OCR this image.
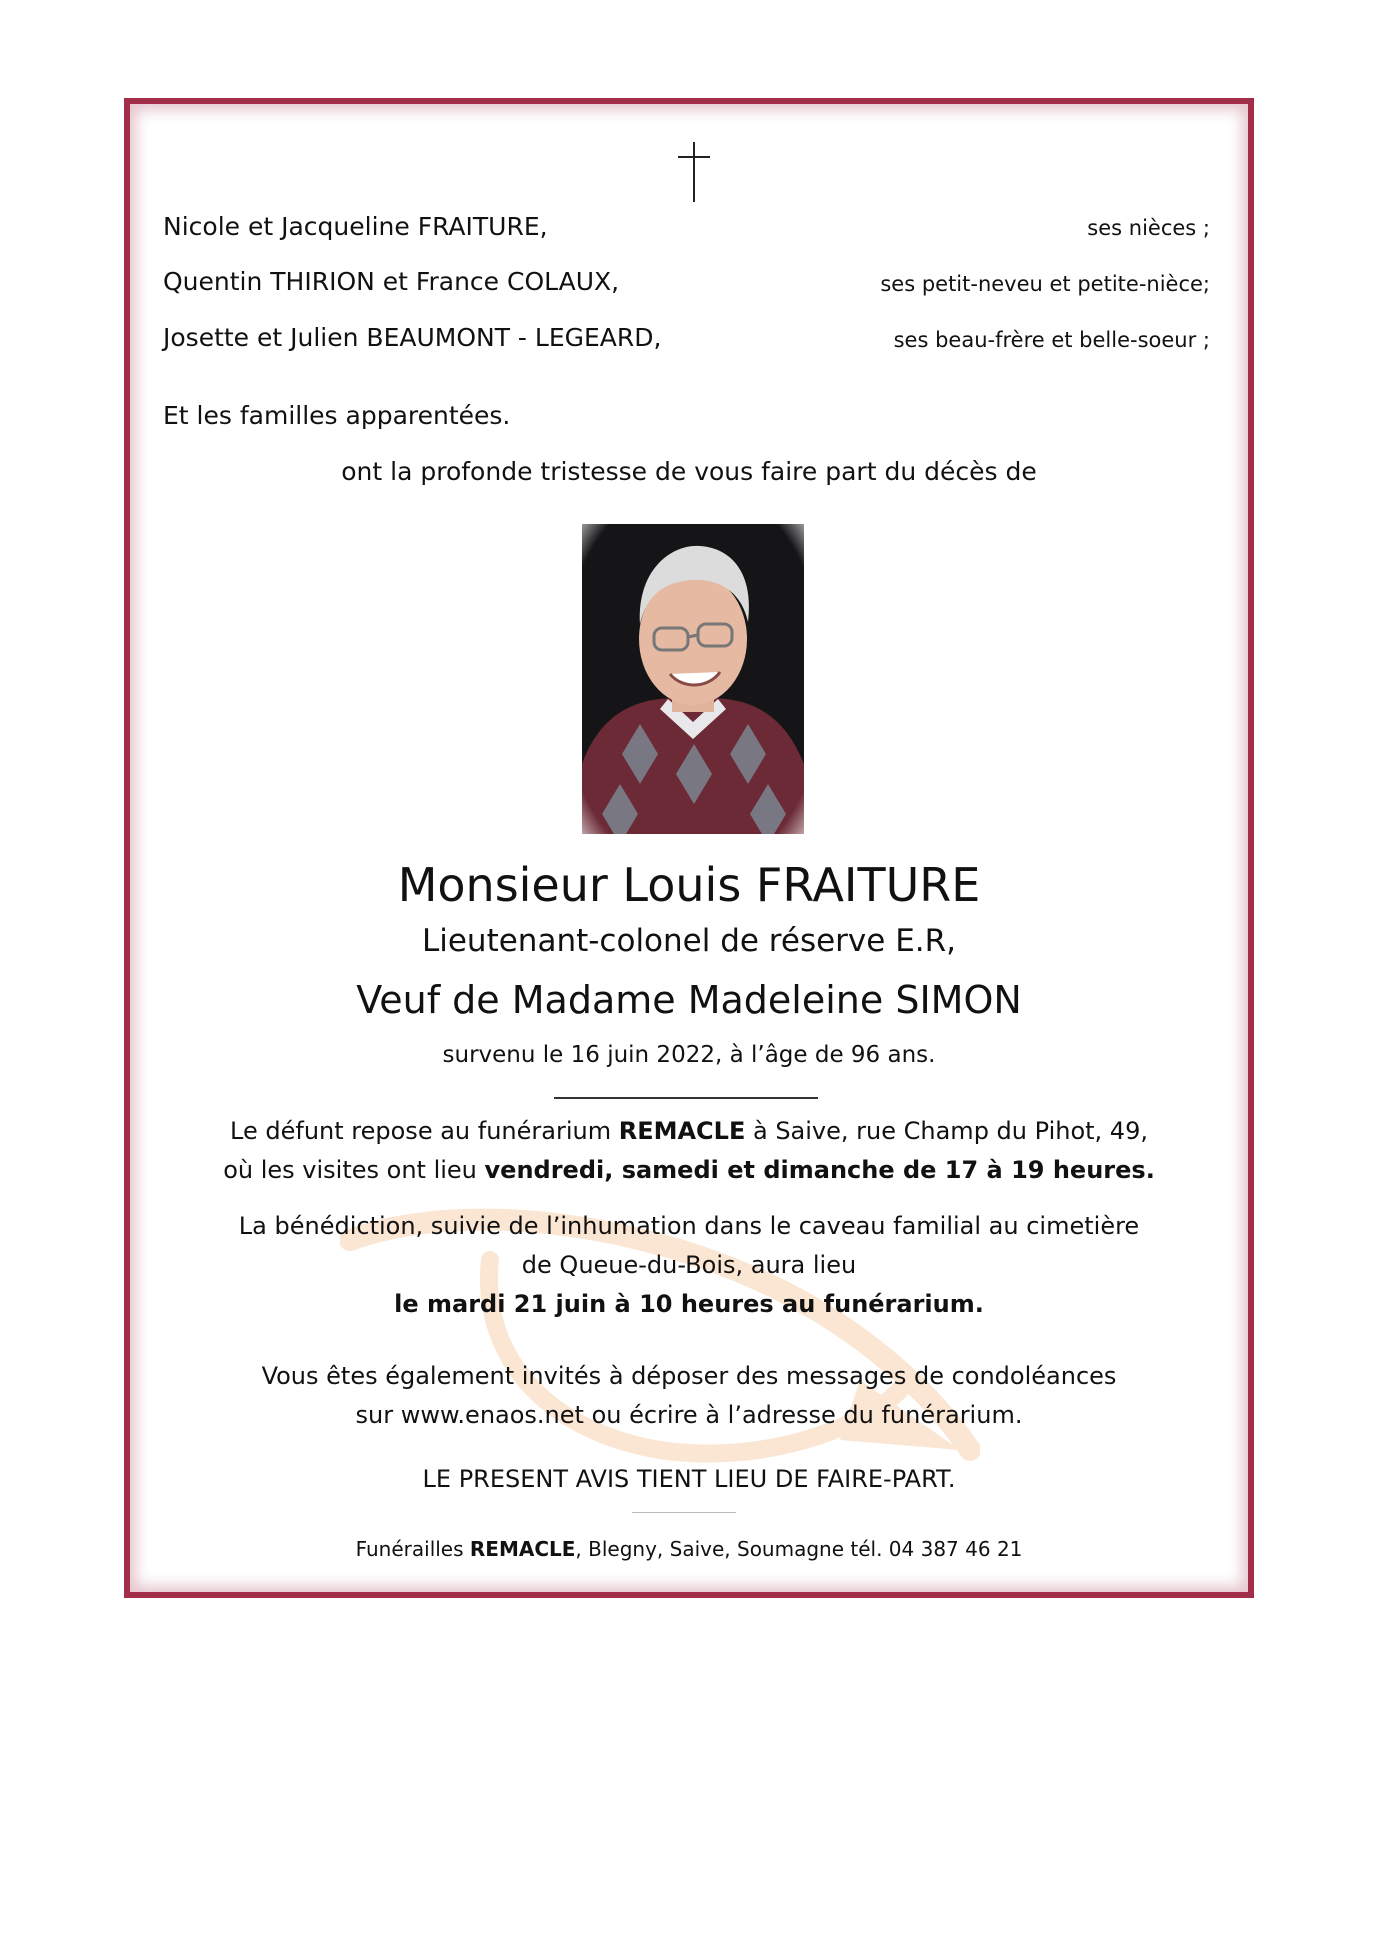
Nicole et Jacqueline FRAITURE,	ses nièces ;
Quentin THIRION et France COLAUX,	ses petit-neveu et petite-nièce;
Josette et Julien BEAUMONT - LEGEARD,	ses beau-frère et belle-soeur ;
Et les familles apparentées.
ont la profonde tristesse de vous faire part du décès de
Monsieur Louis FRAITURE
Lieutenant-colonel de réserve E.R,
Veuf de Madame Madeleine SIMON
survenu le 16 juin 2022, à l’âge de 96 ans.
Le défunt repose au funérarium REMACLE à Saive, rue Champ du Pihot, 49,
où les visites ont lieu vendredi, samedi et dimanche de 17 à 19 heures.
La bénédiction, suivie de l’inhumation dans le caveau familial au cimetière
de Queue-du-Bois, aura lieu
le mardi 21 juin à 10 heures au funérarium.
Vous êtes également invités à déposer des messages de condoléances
sur www.enaos.net ou écrire à l’adresse du funérarium.
LE PRESENT AVIS TIENT LIEU DE FAIRE-PART.
Funérailles REMACLE, Blegny, Saive, Soumagne tél. 04 387 46 21
